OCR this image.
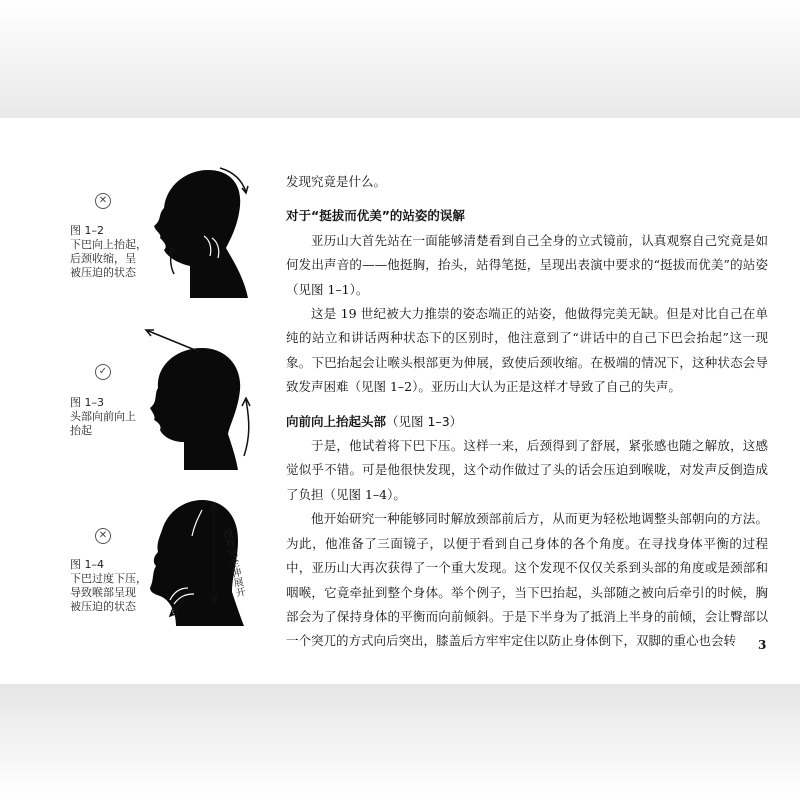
✕
图 1–2
下巴向上抬起，
后颈收缩，呈
被压迫的状态
✓
图 1–3
头部向前向上
抬起
✕
图 1–4
下巴过度下压，
导致喉部呈现
被压迫的状态
没有完全伸展开

发现究竟是什么。

对于“挺拔而优美”的站姿的误解

亚历山大首先站在一面能够清楚看到自己全身的立式镜前，认真观察自己究竟是如何发出声音的——他挺胸，抬头，站得笔挺，呈现出表演中要求的“挺拔而优美”的站姿（见图 1–1）。

这是 19 世纪被大力推崇的姿态端正的站姿，他做得完美无缺。但是对比自己在单纯的站立和讲话两种状态下的区别时，他注意到了“讲话中的自己下巴会抬起”这一现象。下巴抬起会让喉头根部更为伸展，致使后颈收缩。在极端的情况下，这种状态会导致发声困难（见图 1–2）。亚历山大认为正是这样才导致了自己的失声。

向前向上抬起头部（见图 1–3）

于是，他试着将下巴下压。这样一来，后颈得到了舒展，紧张感也随之解放，这感觉似乎不错。可是他很快发现，这个动作做过了头的话会压迫到喉咙，对发声反倒造成了负担（见图 1–4）。

他开始研究一种能够同时解放颈部前后方，从而更为轻松地调整头部朝向的方法。为此，他准备了三面镜子，以便于看到自己身体的各个角度。在寻找身体平衡的过程中，亚历山大再次获得了一个重大发现。这个发现不仅仅关系到头部的角度或是颈部和咽喉，它竟牵扯到整个身体。举个例子，当下巴抬起，头部随之被向后牵引的时候，胸部会为了保持身体的平衡而向前倾斜。于是下半身为了抵消上半身的前倾，会让臀部以一个突兀的方式向后突出，膝盖后方牢牢定住以防止身体倒下，双脚的重心也会转	3
